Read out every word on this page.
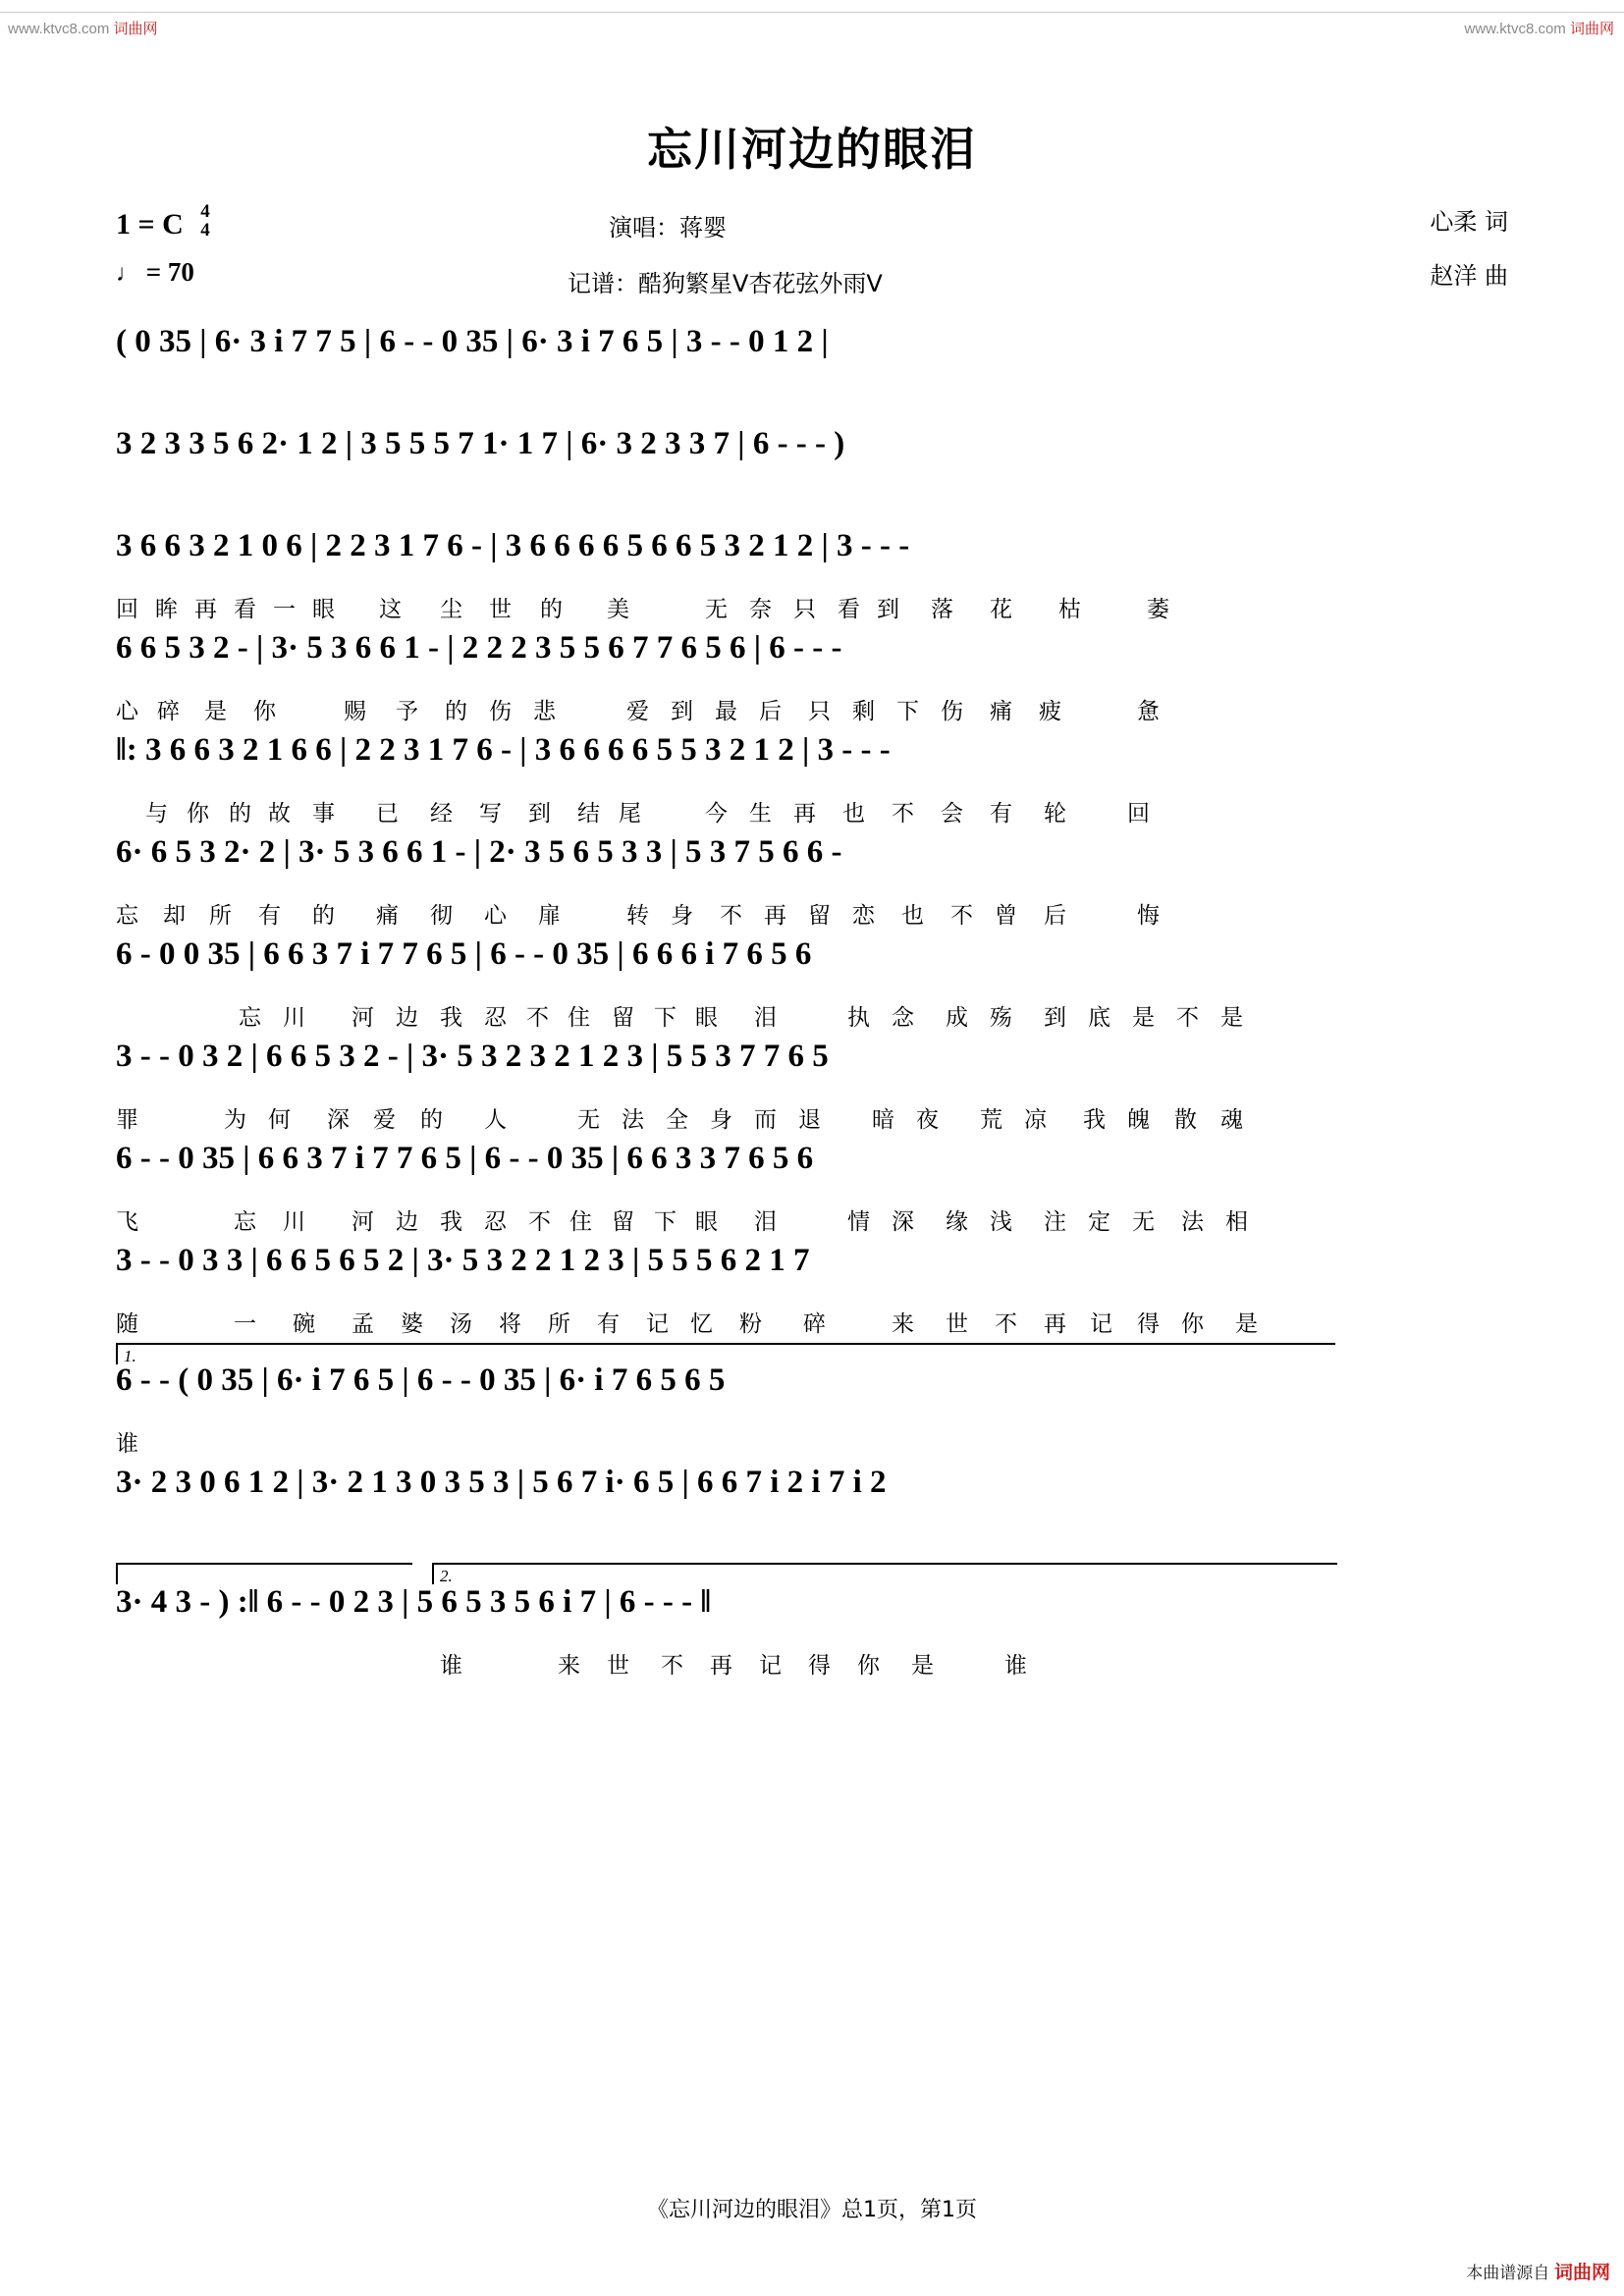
www.ktvc8.com 词曲网	www.ktvc8.com 词曲网
本曲谱源自 词曲网
忘川河边的眼泪
1 = C 4
4
♩ = 70
演唱：蒋婴
记谱：酷狗繁星V杏花弦外雨V
心柔 词
赵洋 曲
( 0 35 | 6· 3 i 7 7 5 | 6 - - 0 35 | 6· 3 i 7 6 5 | 3 - - 0 1 2 |
3 2 3 3 5 6 2· 1 2 | 3 5 5 5 7 1· 1 7 | 6· 3 2 3 3 7 | 6 - - - )
3 6 6 3 2 1 0 6 | 2 2 3 1 7 6 - | 3 6 6 6 6 5 6 6 5 3 2 1 2 | 3 - - -
回 眸 再 看 一 眼 这 尘 世 的 美	无 奈 只 看 到 落 花 枯	萎
6 6 5 3 2 - | 3· 5 3 6 6 1 - | 2 2 2 3 5 5 6 7 7 6 5 6 | 6 - - -
心 碎 是 你	赐 予 的 伤 悲	爱 到 最 后 只 剩 下 伤 痛 疲	惫
‖: 3 6 6 3 2 1 6 6 | 2 2 3 1 7 6 - | 3 6 6 6 6 5 5 3 2 1 2 | 3 - - -
与 你 的 故 事 已 经 写 到 结 尾	今 生 再 也 不 会 有 轮	回
6· 6 5 3 2· 2 | 3· 5 3 6 6 1 - | 2· 3 5 6 5 3 3 | 5 3 7 5 6 6 -
忘 却 所 有 的 痛 彻 心 扉	转 身 不 再 留 恋 也 不 曾 后	悔
6 - 0 0 35 | 6 6 3 7 i 7 7 6 5 | 6 - - 0 35 | 6 6 6 i 7 6 5 6
忘 川 河 边 我 忍 不 住 留 下 眼 泪	执 念 成 殇 到 底 是 不 是
3 - - 0 3 2 | 6 6 5 3 2 - | 3· 5 3 2 3 2 1 2 3 | 5 5 3 7 7 6 5
罪	为 何 深 爱 的 人	无 法 全 身 而 退 暗 夜 荒 凉 我 魄 散 魂
6 - - 0 35 | 6 6 3 7 i 7 7 6 5 | 6 - - 0 35 | 6 6 3 3 7 6 5 6
飞	忘 川 河 边 我 忍 不 住 留 下 眼 泪	情 深 缘 浅 注 定 无 法 相
3 - - 0 3 3 | 6 6 5 6 5 2 | 3· 5 3 2 2 1 2 3 | 5 5 5 6 2 1 7
随	一 碗 孟 婆 汤 将 所 有 记 忆 粉 碎	来 世 不 再 记 得 你 是
1.
6 - - ( 0 35 | 6· i 7 6 5 | 6 - - 0 35 | 6· i 7 6 5 6 5
谁
3· 2 3 0 6 1 2 | 3· 2 1 3 0 3 5 3 | 5 6 7 i· 6 5 | 6 6 7 i 2 i 7 i 2
2.
3· 4 3 - ) :‖ 6 - - 0 2 3 | 5 6 5 3 5 6 i 7 | 6 - - - ‖
谁	来 世 不 再 记 得 你 是	谁
《忘川河边的眼泪》总1页，第1页
